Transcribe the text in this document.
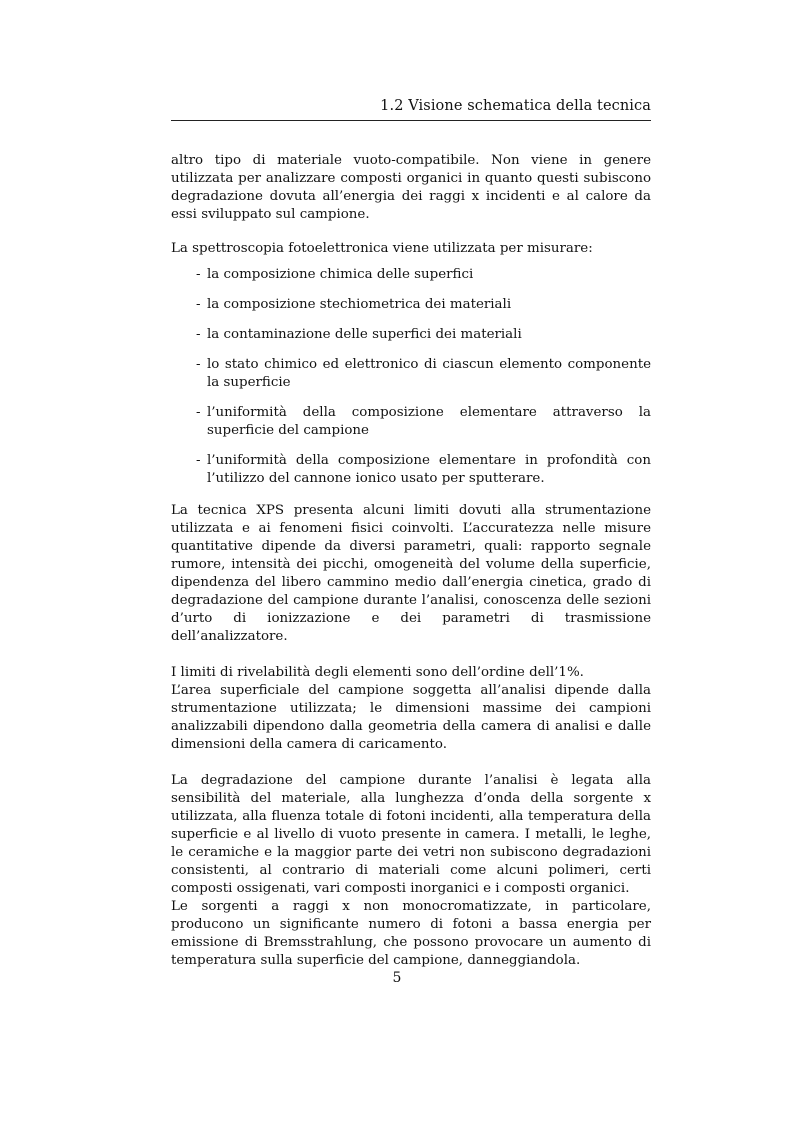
1.2 Visione schematica della tecnica

altro tipo di materiale vuoto-compatibile. Non viene in genere utilizzata per analizzare composti organici in quanto questi subiscono degradazione dovuta all’energia dei raggi x incidenti e al calore da essi sviluppato sul campione.

La spettroscopia fotoelettronica viene utilizzata per misurare:

- la composizione chimica delle superfici
- la composizione stechiometrica dei materiali
- la contaminazione delle superfici dei materiali
- lo stato chimico ed elettronico di ciascun elemento componente la superficie
- l’uniformità della composizione elementare attraverso la superficie del campione
- l’uniformità della composizione elementare in profondità con l’utilizzo del cannone ionico usato per sputterare.

La tecnica XPS presenta alcuni limiti dovuti alla strumentazione utilizzata e ai fenomeni fisici coinvolti. L’accuratezza nelle misure quantitative dipende da diversi parametri, quali: rapporto segnale rumore, intensità dei picchi, omogeneità del volume della superficie, dipendenza del libero cammino medio dall’energia cinetica, grado di degradazione del campione durante l’analisi, conoscenza delle sezioni d’urto di ionizzazione e dei parametri di trasmissione dell’analizzatore.

I limiti di rivelabilità degli elementi sono dell’ordine dell’1%.

L’area superficiale del campione soggetta all’analisi dipende dalla strumentazione utilizzata; le dimensioni massime dei campioni analizzabili dipendono dalla geometria della camera di analisi e dalle dimensioni della camera di caricamento.

La degradazione del campione durante l’analisi è legata alla sensibilità del materiale, alla lunghezza d’onda della sorgente x utilizzata, alla fluenza totale di fotoni incidenti, alla temperatura della superficie e al livello di vuoto presente in camera. I metalli, le leghe, le ceramiche e la maggior parte dei vetri non subiscono degradazioni consistenti, al contrario di materiali come alcuni polimeri, certi composti ossigenati, vari composti inorganici e i composti organici.

Le sorgenti a raggi x non monocromatizzate, in particolare, producono un significante numero di fotoni a bassa energia per emissione di Bremsstrahlung, che possono provocare un aumento di temperatura sulla superficie del campione, danneggiandola.

5
